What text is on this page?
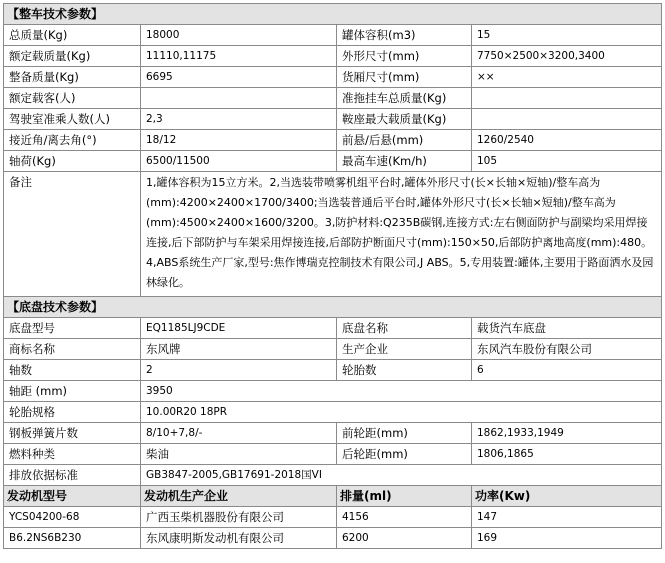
【整车技术参数】			
总质量(Kg)	18000	罐体容积(m3)	15
额定载质量(Kg)	11110,11175	外形尺寸(mm)	7750×2500×3200,3400
整备质量(Kg)	6695	货厢尺寸(mm)	××
额定载客(人)		准拖挂车总质量(Kg)	
驾驶室准乘人数(人)	2,3	鞍座最大载质量(Kg)	
接近角/离去角(°)	18/12	前悬/后悬(mm)	1260/2540
轴荷(Kg)	6500/11500	最高车速(Km/h)	105
备注	1,罐体容积为15立方米。2,当选装带喷雾机组平台时,罐体外形尺寸(长×长轴×短轴)/整车高为(mm):4200×2400×1700/3400;当选装普通后平台时,罐体外形尺寸(长×长轴×短轴)/整车高为(mm):4500×2400×1600/3200。3,防护材料:Q235B碳钢,连接方式:左右侧面防护与副梁均采用焊接连接,后下部防护与车架采用焊接连接,后部防护断面尺寸(mm):150×50,后部防护离地高度(mm):480。4,ABS系统生产厂家,型号:焦作博瑞克控制技术有限公司,J ABS。5,专用装置:罐体,主要用于路面洒水及园林绿化。		
【底盘技术参数】			
底盘型号	EQ1185LJ9CDE	底盘名称	载货汽车底盘
商标名称	东风牌	生产企业	东风汽车股份有限公司
轴数	2	轮胎数	6
轴距 (mm)	3950		
轮胎规格	10.00R20 18PR		
钢板弹簧片数	8/10+7,8/-	前轮距(mm)	1862,1933,1949
燃料种类	柴油	后轮距(mm)	1806,1865
排放依据标准	GB3847-2005,GB17691-2018国VI		
发动机型号	发动机生产企业	排量(ml)	功率(Kw)
YCS04200-68	广西玉柴机器股份有限公司	4156	147
B6.2NS6B230	东风康明斯发动机有限公司	6200	169
